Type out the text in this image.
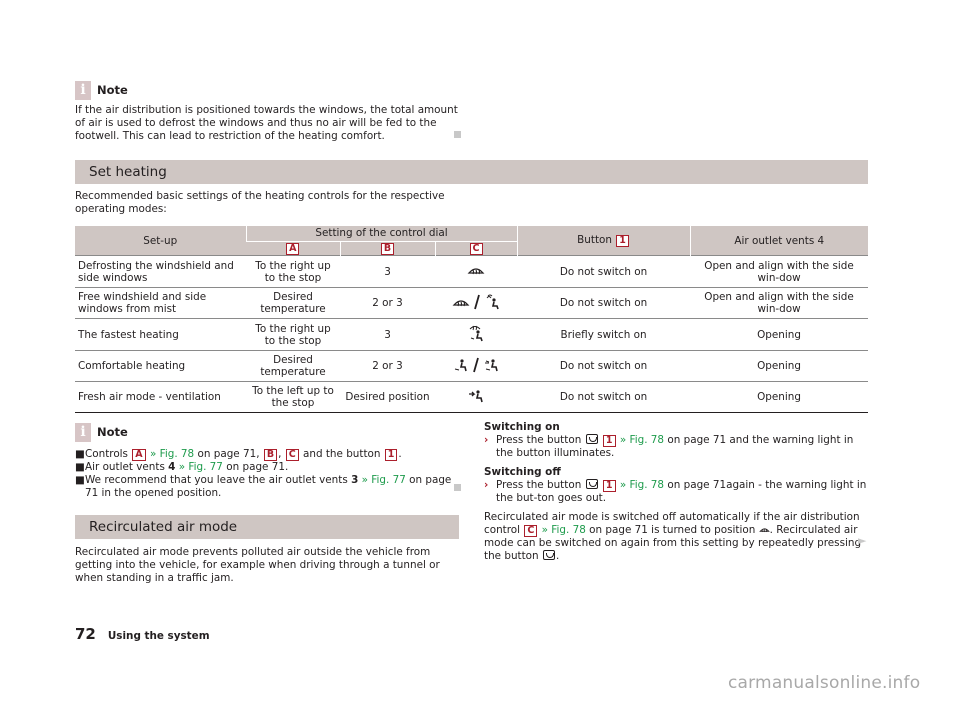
i Note

If the air distribution is positioned towards the windows, the total amount of air is used to defrost the windows and thus no air will be fed to the footwell. This can lead to restriction of the heating comfort.

Set heating

Recommended basic settings of the heating controls for the respective operating modes:

Set-up	Setting of the control dial			Button 1	Air outlet vents 4
	A	B	C		
Defrosting the windshield and side windows	To the right up to the stop	3		Do not switch on	Open and align with the side win-dow
Free windshield and side windows from mist	Desired temperature	2 or 3		Do not switch on	Open and align with the side win-dow
The fastest heating	To the right up to the stop	3		Briefly switch on	Opening
Comfortable heating	Desired temperature	2 or 3		Do not switch on	Opening
Fresh air mode - ventilation	To the left up to the stop	Desired position		Do not switch on	Opening
i Note
■ Controls A » Fig. 78 on page 71, B , C and the button 1 .
■ Air outlet vents 4 » Fig. 77 on page 71.
■ We recommend that you leave the air outlet vents 3 » Fig. 77 on page 71 in the opened position.
Recirculated air mode

Recirculated air mode prevents polluted air outside the vehicle from getting into the vehicle, for example when driving through a tunnel or when standing in a traffic jam.

Switching on
› Press the button	1 » Fig. 78 on page 71 and the warning light in the button illuminates.
Switching off
› Press the button	1 » Fig. 78 on page 71again - the warning light in the but-ton goes out.

Recirculated air mode is switched off automatically if the air distribution control C » Fig. 78 on page 71 is turned to position . Recirculated air mode can be switched on again from this setting by repeatedly pressing the button .

►
72 Using the system
carmanualsonline.info
